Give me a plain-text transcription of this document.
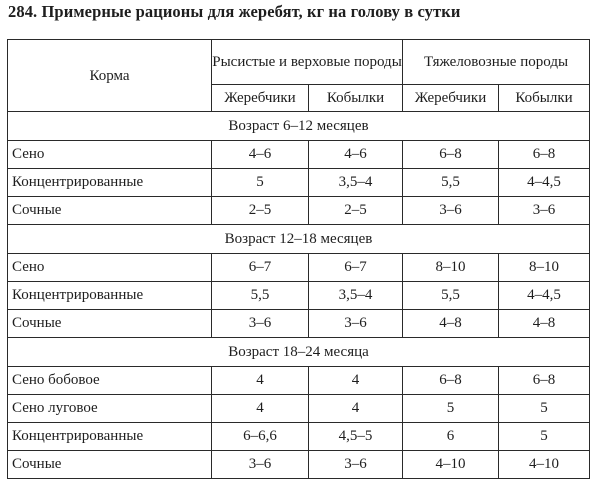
284. Примерные рационы для жеребят, кг на голову в сутки
Корма	Рысистые и верховые породы		Тяжеловозные породы	
	Жеребчики	Кобылки	Жеребчики	Кобылки
Возраст 6–12 месяцев				
Сено	4–6	4–6	6–8	6–8
Концентрированные	5	3,5–4	5,5	4–4,5
Сочные	2–5	2–5	3–6	3–6
Возраст 12–18 месяцев				
Сено	6–7	6–7	8–10	8–10
Концентрированные	5,5	3,5–4	5,5	4–4,5
Сочные	3–6	3–6	4–8	4–8
Возраст 18–24 месяца				
Сено бобовое	4	4	6–8	6–8
Сено луговое	4	4	5	5
Концентрированные	6–6,6	4,5–5	6	5
Сочные	3–6	3–6	4–10	4–10
